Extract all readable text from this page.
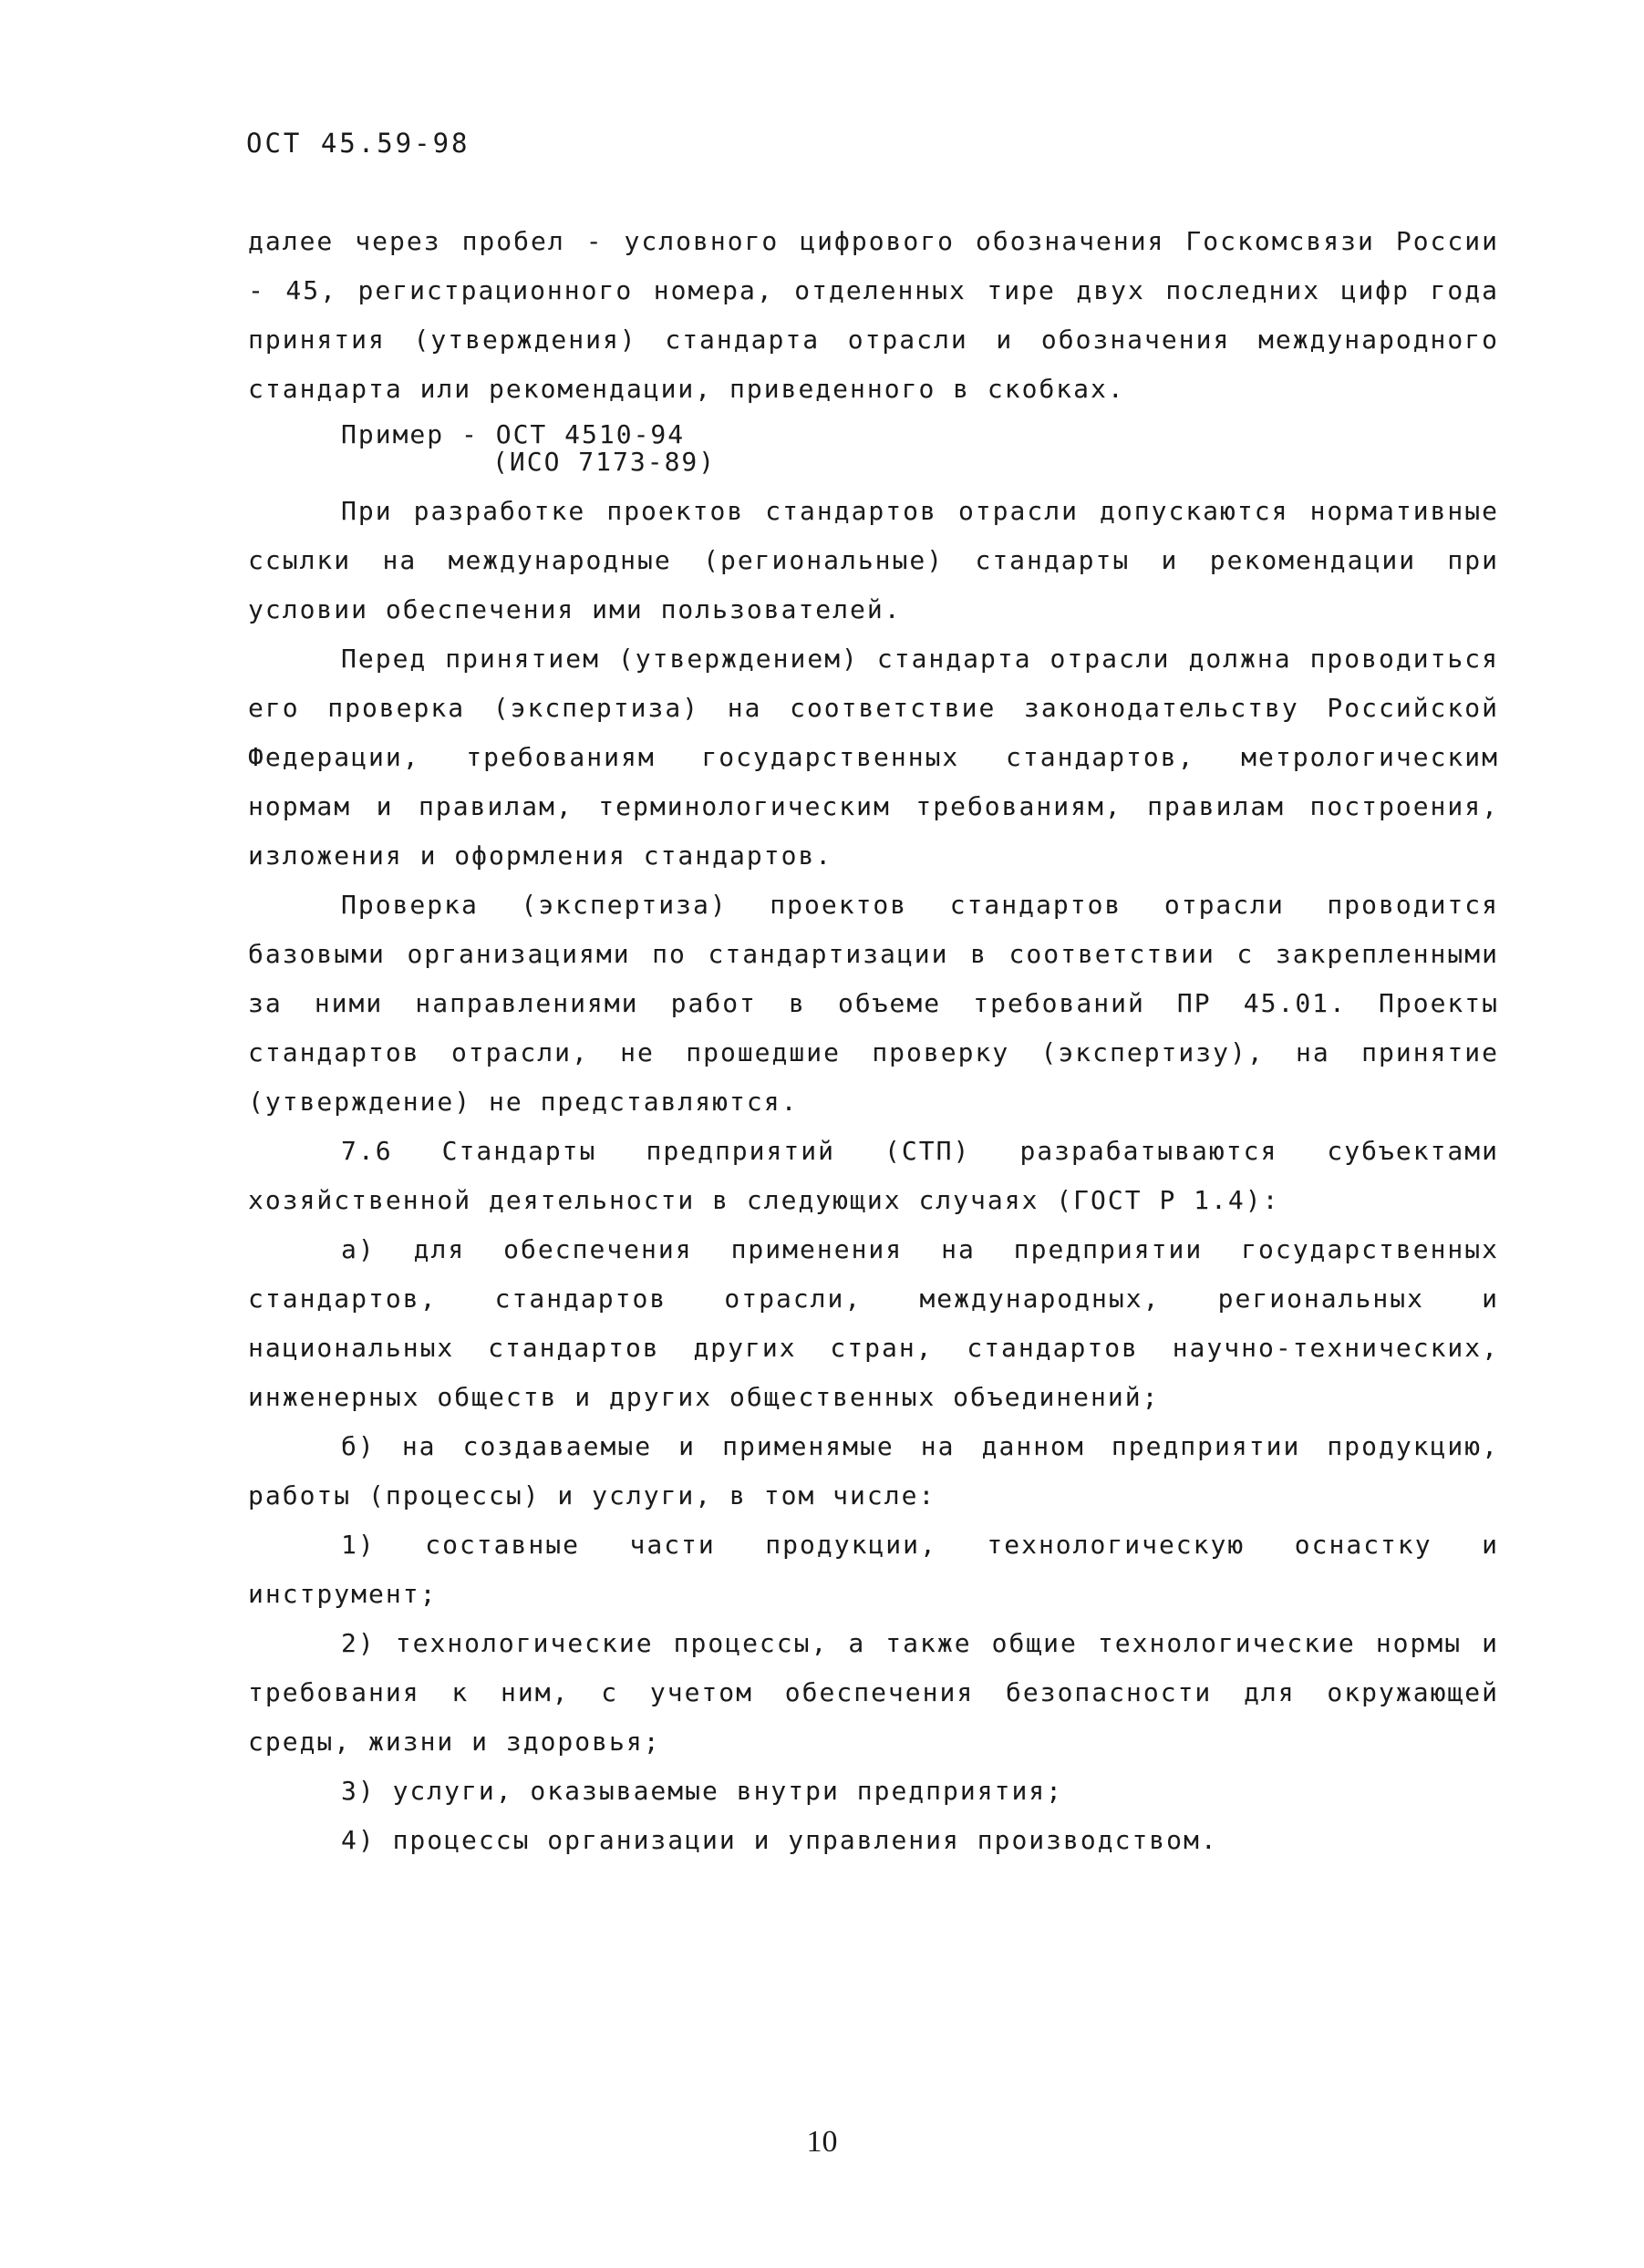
ОСТ 45.59-98

далее через пробел - условного цифрового обозначения Госкомсвязи России - 45, регистрационного номера, отделенных тире двух последних цифр года принятия (утверждения) стандарта отрасли и обозначения международного стандарта или рекомендации, приведенного в скобках.

Пример - ОСТ 4510-94
(ИСО 7173-89)

При разработке проектов стандартов отрасли допускаются нормативные ссылки на международные (региональные) стандарты и рекомендации при условии обеспечения ими пользователей.

Перед принятием (утверждением) стандарта отрасли должна проводиться его проверка (экспертиза) на соответствие законодательству Российской Федерации, требованиям государственных стандартов, метрологическим нормам и правилам, терминологическим требованиям, правилам построения, изложения и оформления стандартов.

Проверка (экспертиза) проектов стандартов отрасли проводится базовыми организациями по стандартизации в соответствии с закрепленными за ними направлениями работ в объеме требований ПР 45.01. Проекты стандартов отрасли, не прошедшие проверку (экспертизу), на принятие (утверждение) не представляются.

7.6 Стандарты предприятий (СТП) разрабатываются субъектами хозяйственной деятельности в следующих случаях (ГОСТ Р 1.4):

а) для обеспечения применения на предприятии государственных стандартов, стандартов отрасли, международных, региональных и национальных стандартов других стран, стандартов научно-технических, инженерных обществ и других общественных объединений;

б) на создаваемые и применямые на данном предприятии продукцию, работы (процессы) и услуги, в том числе:

1) составные части продукции, технологическую оснастку и инструмент;

2) технологические процессы, а также общие технологические нормы и требования к ним, с учетом обеспечения безопасности для окружающей среды, жизни и здоровья;

3) услуги, оказываемые внутри предприятия;

4) процессы организации и управления производством.

10
